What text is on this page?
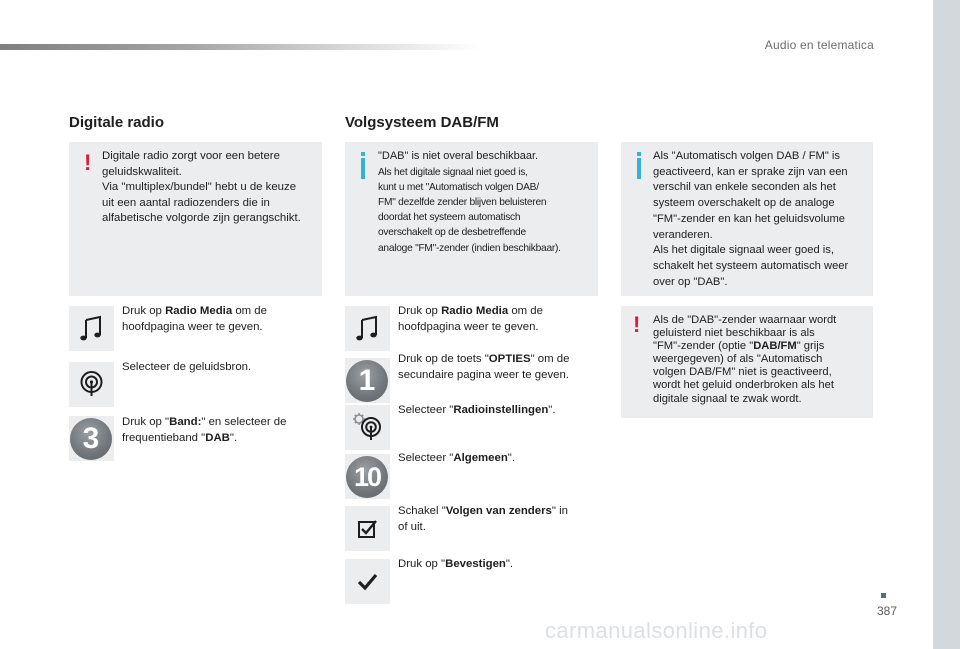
Audio en telematica
Digitale radio
! Digitale radio zorgt voor een betere
geluidskwaliteit.
Via "multiplex/bundel" hebt u de keuze
uit een aantal radiozenders die in
alfabetische volgorde zijn gerangschikt.
Druk op Radio Media om de
hoofdpagina weer te geven.
Selecteer de geluidsbron.
3	Druk op "Band:" en selecteer de
frequentieband "DAB".
Volgsysteem DAB/FM
"DAB" is niet overal beschikbaar.
Als het digitale signaal niet goed is,
kunt u met "Automatisch volgen DAB/
FM" dezelfde zender blijven beluisteren
doordat het systeem automatisch
overschakelt op de desbetreffende
analoge "FM"-zender (indien beschikbaar).
Druk op Radio Media om de
hoofdpagina weer te geven.
1
Druk op de toets "OPTIES" om de
secundaire pagina weer te geven.
Selecteer "Radioinstellingen".
10
Selecteer "Algemeen".
Schakel "Volgen van zenders" in
of uit.
Druk op "Bevestigen".
Als "Automatisch volgen DAB / FM" is
geactiveerd, kan er sprake zijn van een
verschil van enkele seconden als het
systeem overschakelt op de analoge
"FM"-zender en kan het geluidsvolume
veranderen.
Als het digitale signaal weer goed is,
schakelt het systeem automatisch weer
over op "DAB".
! Als de "DAB"-zender waarnaar wordt
geluisterd niet beschikbaar is als
"FM"-zender (optie "DAB/FM" grijs
weergegeven) of als "Automatisch
volgen DAB/FM" niet is geactiveerd,
wordt het geluid onderbroken als het
digitale signaal te zwak wordt.
387
carmanualsonline.info
